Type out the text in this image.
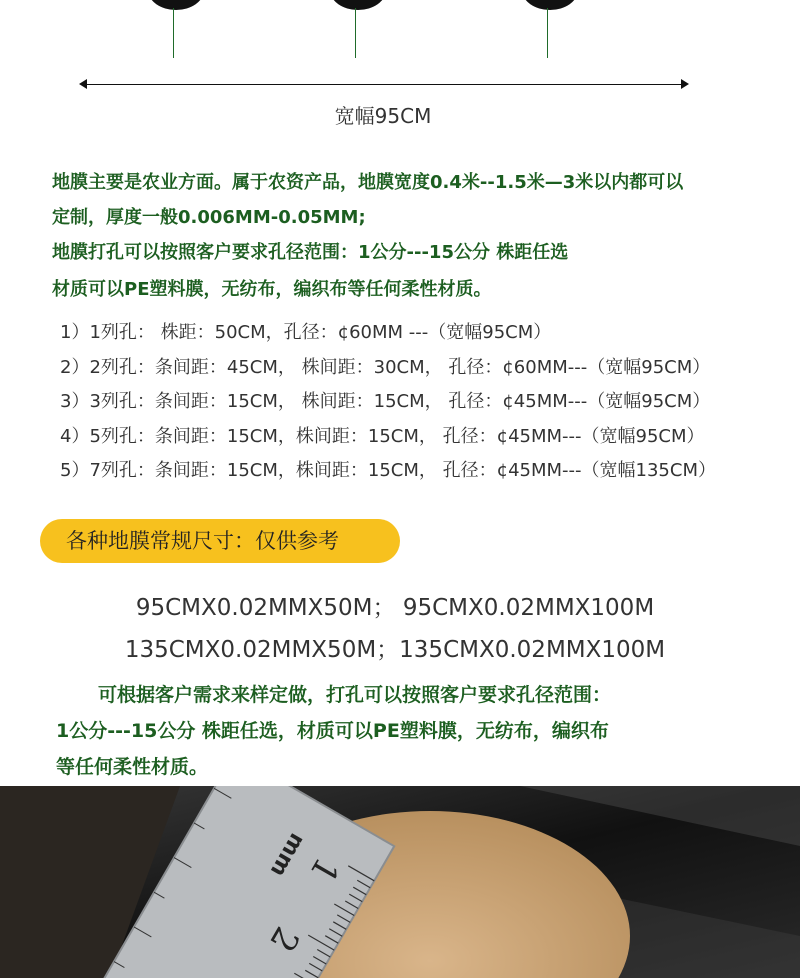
宽幅95CM
地膜主要是农业方面。属于农资产品，地膜宽度0.4米--1.5米—3米以内都可以
定制，厚度一般0.006MM-0.05MM;
地膜打孔可以按照客户要求孔径范围：1公分---15公分 株距任选
材质可以PE塑料膜，无纺布，编织布等任何柔性材质。
1）1列孔： 株距：50CM，孔径：¢60MM ---（宽幅95CM）
2）2列孔：条间距：45CM， 株间距：30CM， 孔径：¢60MM---（宽幅95CM）
3）3列孔：条间距：15CM， 株间距：15CM， 孔径：¢45MM---（宽幅95CM）
4）5列孔：条间距：15CM，株间距：15CM， 孔径：¢45MM---（宽幅95CM）
5）7列孔：条间距：15CM，株间距：15CM， 孔径：¢45MM---（宽幅135CM）
各种地膜常规尺寸：仅供参考
95CMX0.02MMX50M； 95CMX0.02MMX100M
135CMX0.02MMX50M；135CMX0.02MMX100M
可根据客户需求来样定做，打孔可以按照客户要求孔径范围：
1公分---15公分 株距任选，材质可以PE塑料膜，无纺布，编织布
等任何柔性材质。
mm
1
2
